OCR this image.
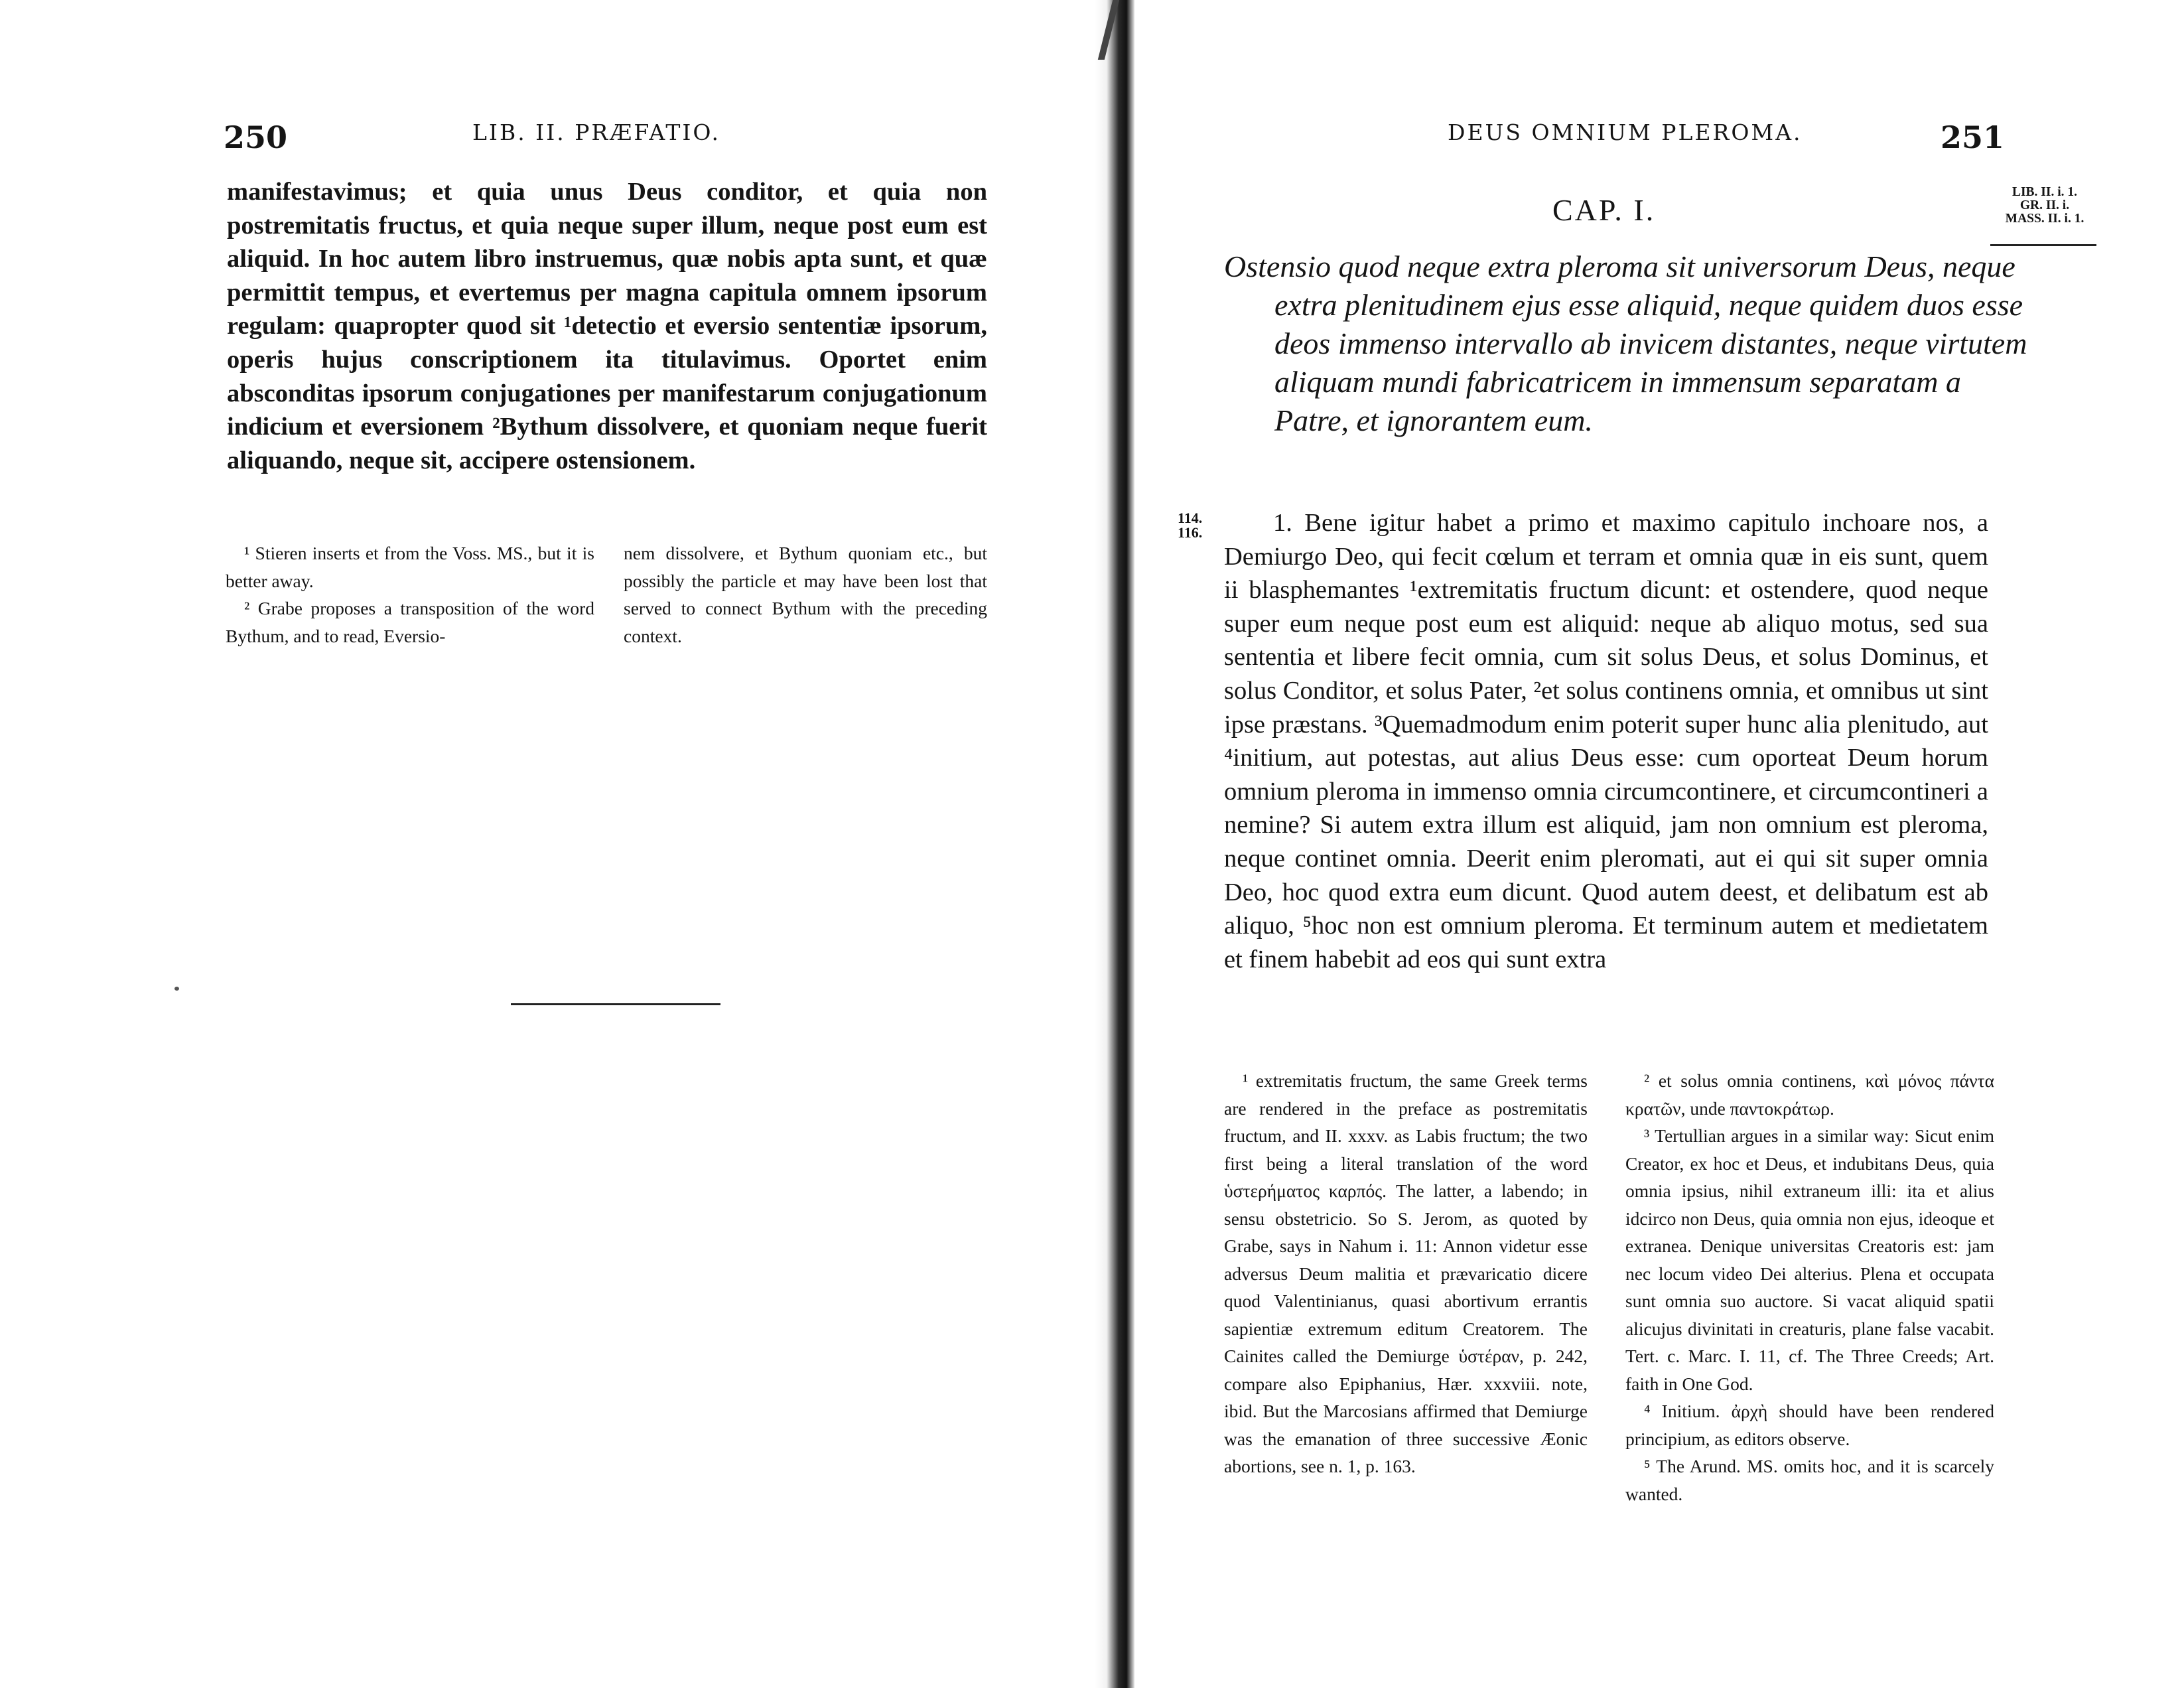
250	LIB. II. PRÆFATIO.

manifestavimus; et quia unus Deus conditor, et quia non postremitatis fructus, et quia neque super illum, neque post eum est aliquid. In hoc autem libro instruemus, quæ nobis apta sunt, et quæ permittit tempus, et evertemus per magna capitula omnem ipsorum regulam: quapropter quod sit ¹detectio et eversio sententiæ ipsorum, operis hujus conscriptionem ita titulavimus. Oportet enim absconditas ipsorum conjugationes per manifestarum conjugationum indicium et eversionem ²Bythum dissolvere, et quoniam neque fuerit aliquando, neque sit, accipere ostensionem.

¹ Stieren inserts et from the Voss. MS., but it is better away.

² Grabe proposes a transposition of the word Bythum, and to read, Eversio-

nem dissolvere, et Bythum quoniam etc., but possibly the particle et may have been lost that served to connect Bythum with the preceding context.

DEUS OMNIUM PLEROMA.	251
LIB. II. i. 1.
GR. II. i.
MASS. II. i. 1.
CAP. I.

Ostensio quod neque extra pleroma sit universorum Deus, neque extra plenitudinem ejus esse aliquid, neque quidem duos esse deos immenso intervallo ab invicem distantes, neque virtutem aliquam mundi fabricatricem in immensum separatam a Patre, et ignorantem eum.

114.
116.	1. Bene igitur habet a primo et maximo capitulo inchoare nos, a Demiurgo Deo, qui fecit cœlum et terram et omnia quæ in eis sunt, quem ii blasphemantes ¹extremitatis fructum dicunt: et ostendere, quod neque super eum neque post eum est aliquid: neque ab aliquo motus, sed sua sententia et libere fecit omnia, cum sit solus Deus, et solus Dominus, et solus Conditor, et solus Pater, ²et solus continens omnia, et omnibus ut sint ipse præstans. ³Quemadmodum enim poterit super hunc alia plenitudo, aut ⁴initium, aut potestas, aut alius Deus esse: cum oporteat Deum horum omnium pleroma in immenso omnia circumcontinere, et circumcontineri a nemine? Si autem extra illum est aliquid, jam non omnium est pleroma, neque continet omnia. Deerit enim pleromati, aut ei qui sit super omnia Deo, hoc quod extra eum dicunt. Quod autem deest, et delibatum est ab aliquo, ⁵hoc non est omnium pleroma. Et terminum autem et medietatem et finem habebit ad eos qui sunt extra

¹ extremitatis fructum, the same Greek terms are rendered in the preface as postremitatis fructum, and II. xxxv. as Labis fructum; the two first being a literal translation of the word ὑστερήματος καρπός. The latter, a labendo; in sensu obstetricio. So S. Jerom, as quoted by Grabe, says in Nahum i. 11: Annon videtur esse adversus Deum malitia et prævaricatio dicere quod Valentinianus, quasi abortivum errantis sapientiæ extremum editum Creatorem. The Cainites called the Demiurge ὑστέραν, p. 242, compare also Epiphanius, Hær. xxxviii. note, ibid. But the Marcosians affirmed that Demiurge was the emanation of three successive Æonic abortions, see n. 1, p. 163.

² et solus omnia continens, καὶ μόνος πάντα κρατῶν, unde παντοκράτωρ.

³ Tertullian argues in a similar way: Sicut enim Creator, ex hoc et Deus, et indubitans Deus, quia omnia ipsius, nihil extraneum illi: ita et alius idcirco non Deus, quia omnia non ejus, ideoque et extranea. Denique universitas Creatoris est: jam nec locum video Dei alterius. Plena et occupata sunt omnia suo auctore. Si vacat aliquid spatii alicujus divinitati in creaturis, plane false vacabit. Tert. c. Marc. I. 11, cf. The Three Creeds; Art. faith in One God.

⁴ Initium. ἀρχὴ should have been rendered principium, as editors observe.

⁵ The Arund. MS. omits hoc, and it is scarcely wanted.
